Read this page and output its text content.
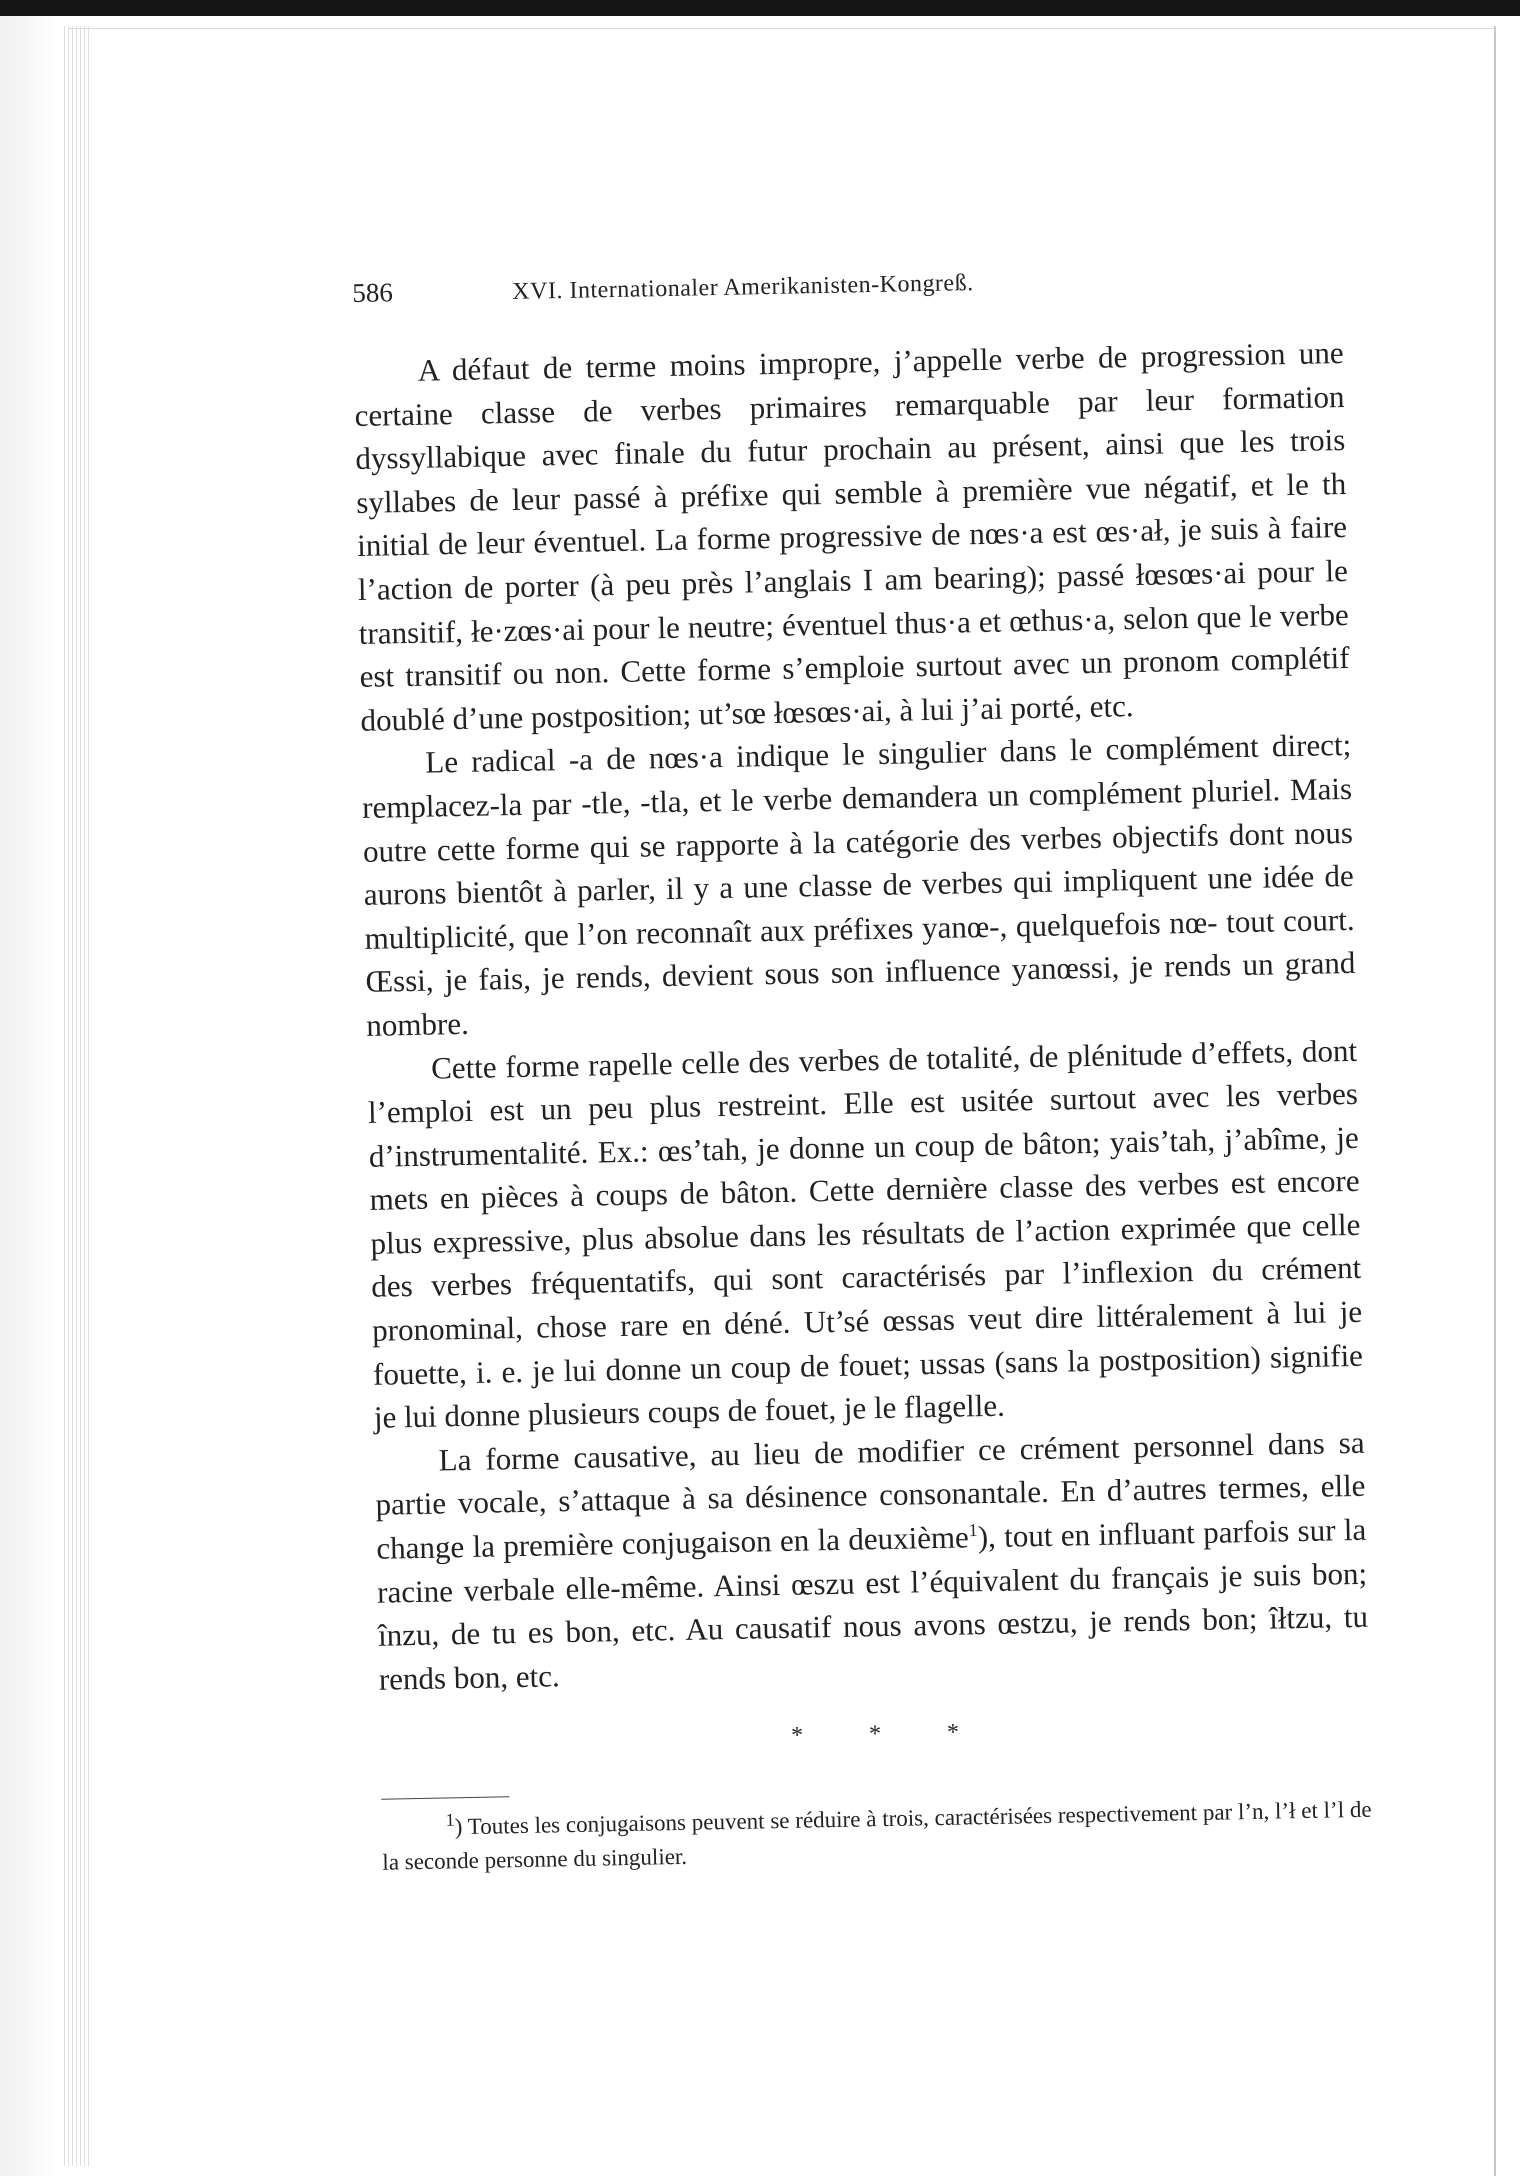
586	XVI. Internationaler Amerikanisten-Kongreß.

A défaut de terme moins impropre, j’appelle verbe de progression une certaine classe de verbes primaires remarquable par leur formation dyssyllabique avec finale du futur prochain au présent, ainsi que les trois syllabes de leur passé à préfixe qui semble à première vue négatif, et le th initial de leur éventuel. La forme progressive de nœs·a est œs·ał, je suis à faire l’action de porter (à peu près l’anglais I am bearing); passé łœsœs·ai pour le transitif, łe·zœs·ai pour le neutre; éventuel thus·a et œthus·a, selon que le verbe est transitif ou non. Cette forme s’emploie surtout avec un pronom complétif doublé d’une postposition; ut’sœ łœsœs·ai, à lui j’ai porté, etc.

Le radical -a de nœs·a indique le singulier dans le complément direct; remplacez-la par -tle, -tla, et le verbe demandera un complément pluriel. Mais outre cette forme qui se rapporte à la catégorie des verbes objectifs dont nous aurons bientôt à parler, il y a une classe de verbes qui impliquent une idée de multiplicité, que l’on reconnaît aux préfixes yanœ-, quelquefois nœ- tout court. Œssi, je fais, je rends, devient sous son influence yanœssi, je rends un grand nombre.

Cette forme rapelle celle des verbes de totalité, de plénitude d’effets, dont l’emploi est un peu plus restreint. Elle est usitée surtout avec les verbes d’instrumentalité. Ex.: œs’tah, je donne un coup de bâton; yais’tah, j’abîme, je mets en pièces à coups de bâton. Cette dernière classe des verbes est encore plus expressive, plus absolue dans les résultats de l’action exprimée que celle des verbes fréquentatifs, qui sont caractérisés par l’inflexion du crément pronominal, chose rare en déné. Ut’sé œssas veut dire littéralement à lui je fouette, i. e. je lui donne un coup de fouet; ussas (sans la postposition) signifie je lui donne plusieurs coups de fouet, je le flagelle.

La forme causative, au lieu de modifier ce crément personnel dans sa partie vocale, s’attaque à sa désinence consonantale. En d’autres termes, elle change la première conjugaison en la deuxième$^1$), tout en influant parfois sur la racine verbale elle-même. Ainsi œszu est l’équivalent du français je suis bon; înzu, de tu es bon, etc. Au causatif nous avons œstzu, je rends bon; îłtzu, tu rends bon, etc.

* * *

$^1$) Toutes les conjugaisons peuvent se réduire à trois, caractérisées respectivement par l’n, l’ł et l’l de la seconde personne du singulier.
